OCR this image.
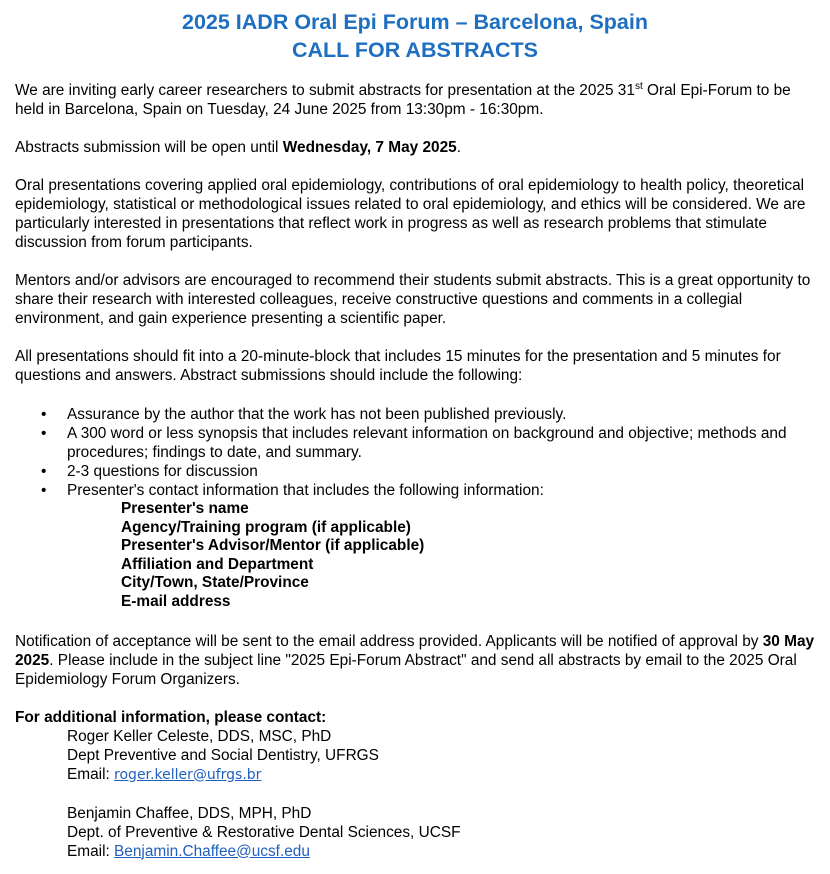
2025 IADR Oral Epi Forum – Barcelona, Spain
CALL FOR ABSTRACTS

We are inviting early career researchers to submit abstracts for presentation at the 2025 31st Oral Epi-Forum to be held in Barcelona, Spain on Tuesday, 24 June 2025 from 13:30pm - 16:30pm.

Abstracts submission will be open until Wednesday, 7 May 2025.

Oral presentations covering applied oral epidemiology, contributions of oral epidemiology to health policy, theoretical epidemiology, statistical or methodological issues related to oral epidemiology, and ethics will be considered. We are particularly interested in presentations that reflect work in progress as well as research problems that stimulate discussion from forum participants.

Mentors and/or advisors are encouraged to recommend their students submit abstracts. This is a great opportunity to share their research with interested colleagues, receive constructive questions and comments in a collegial environment, and gain experience presenting a scientific paper.

All presentations should fit into a 20-minute-block that includes 15 minutes for the presentation and 5 minutes for questions and answers. Abstract submissions should include the following:

• Assurance by the author that the work has not been published previously.
• A 300 word or less synopsis that includes relevant information on background and objective; methods and procedures; findings to date, and summary.
• 2-3 questions for discussion
• Presenter's contact information that includes the following information:
Presenter's name
Agency/Training program (if applicable)
Presenter's Advisor/Mentor (if applicable)
Affiliation and Department
City/Town, State/Province
E-mail address

Notification of acceptance will be sent to the email address provided. Applicants will be notified of approval by 30 May 2025. Please include in the subject line "2025 Epi-Forum Abstract" and send all abstracts by email to the 2025 Oral Epidemiology Forum Organizers.

For additional information, please contact:

Roger Keller Celeste, DDS, MSC, PhD
Dept Preventive and Social Dentistry, UFRGS
Email: roger.keller@ufrgs.br
Benjamin Chaffee, DDS, MPH, PhD
Dept. of Preventive & Restorative Dental Sciences, UCSF
Email: Benjamin.Chaffee@ucsf.edu
